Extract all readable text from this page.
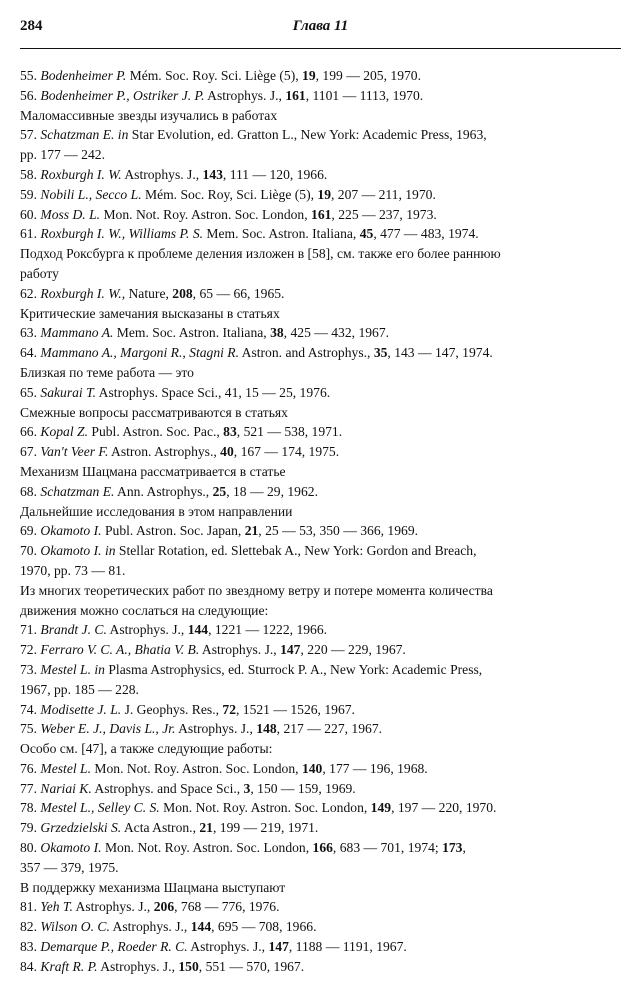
284	Глава 11
55. Bodenheimer P. Mém. Soc. Roy. Sci. Liège (5), 19, 199 — 205, 1970.
56. Bodenheimer P., Ostriker J. P. Astrophys. J., 161, 1101 — 1113, 1970.
Маломассивные звезды изучались в работах
57. Schatzman E. in Star Evolution, ed. Gratton L., New York: Academic Press, 1963,
pp. 177 — 242.
58. Roxburgh I. W. Astrophys. J., 143, 111 — 120, 1966.
59. Nobili L., Secco L. Mém. Soc. Roy, Sci. Liège (5), 19, 207 — 211, 1970.
60. Moss D. L. Mon. Not. Roy. Astron. Soc. London, 161, 225 — 237, 1973.
61. Roxburgh I. W., Williams P. S. Mem. Soc. Astron. Italiana, 45, 477 — 483, 1974.
Подход Роксбурга к проблеме деления изложен в [58], см. также его более раннюю
работу
62. Roxburgh I. W., Nature, 208, 65 — 66, 1965.
Критические замечания высказаны в статьях
63. Mammano A. Mem. Soc. Astron. Italiana, 38, 425 — 432, 1967.
64. Mammano A., Margoni R., Stagni R. Astron. and Astrophys., 35, 143 — 147, 1974.
Близкая по теме работа — это
65. Sakurai T. Astrophys. Space Sci., 41, 15 — 25, 1976.
Смежные вопросы рассматриваются в статьях
66. Kopal Z. Publ. Astron. Soc. Pac., 83, 521 — 538, 1971.
67. Van't Veer F. Astron. Astrophys., 40, 167 — 174, 1975.
Механизм Шацмана рассматривается в статье
68. Schatzman E. Ann. Astrophys., 25, 18 — 29, 1962.
Дальнейшие исследования в этом направлении
69. Okamoto I. Publ. Astron. Soc. Japan, 21, 25 — 53, 350 — 366, 1969.
70. Okamoto I. in Stellar Rotation, ed. Slettebak A., New York: Gordon and Breach,
1970, pp. 73 — 81.
Из многих теоретических работ по звездному ветру и потере момента количества
движения можно сослаться на следующие:
71. Brandt J. C. Astrophys. J., 144, 1221 — 1222, 1966.
72. Ferraro V. C. A., Bhatia V. B. Astrophys. J., 147, 220 — 229, 1967.
73. Mestel L. in Plasma Astrophysics, ed. Sturrock P. A., New York: Academic Press,
1967, pp. 185 — 228.
74. Modisette J. L. J. Geophys. Res., 72, 1521 — 1526, 1967.
75. Weber E. J., Davis L., Jr. Astrophys. J., 148, 217 — 227, 1967.
Особо см. [47], а также следующие работы:
76. Mestel L. Mon. Not. Roy. Astron. Soc. London, 140, 177 — 196, 1968.
77. Nariai K. Astrophys. and Space Sci., 3, 150 — 159, 1969.
78. Mestel L., Selley C. S. Mon. Not. Roy. Astron. Soc. London, 149, 197 — 220, 1970.
79. Grzedzielski S. Acta Astron., 21, 199 — 219, 1971.
80. Okamoto I. Mon. Not. Roy. Astron. Soc. London, 166, 683 — 701, 1974; 173,
357 — 379, 1975.
В поддержку механизма Шацмана выступают
81. Yeh T. Astrophys. J., 206, 768 — 776, 1976.
82. Wilson O. C. Astrophys. J., 144, 695 — 708, 1966.
83. Demarque P., Roeder R. C. Astrophys. J., 147, 1188 — 1191, 1967.
84. Kraft R. P. Astrophys. J., 150, 551 — 570, 1967.
